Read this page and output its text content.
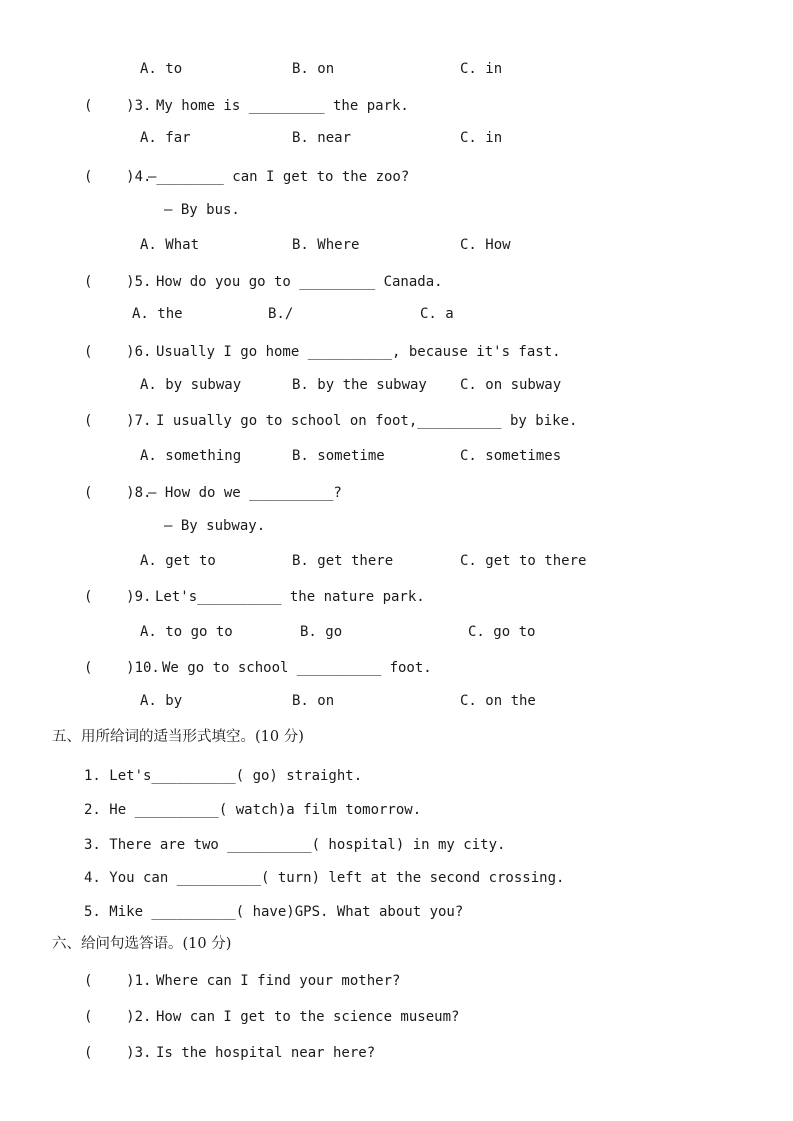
A. to	B. on	C. in
(    )3. My home is _________ the park.
A. far	B. near	C. in
(    )4.
—________ can I get to the zoo?
— By bus.
A. What	B. Where	C. How
(    )5. How do you go to _________ Canada.
A. the	B./	C. a
(    )6. Usually I go home __________, because it's fast.
A. by subway	B. by the subway C. on subway
(    )7. I usually go to school on foot,__________ by bike.
A. something	B. sometime	C. sometimes
(    )8.
— How do we __________?
— By subway.
A. get to	B. get there	C. get to there
(    )9. Let's__________ the nature park.
A. to go to	B. go	C. go to
(    )10. We go to school __________ foot.
A. by	B. on	C. on the
五、用所给词的适当形式填空。(10 分)
1. Let's__________( go) straight.
2. He __________( watch)a film tomorrow.
3. There are two __________( hospital) in my city.
4. You can __________( turn) left at the second crossing.
5. Mike __________( have)GPS. What about you?
六、给问句选答语。(10 分)
(    )1. Where can I find your mother?
(    )2. How can I get to the science museum?
(    )3. Is the hospital near here?
